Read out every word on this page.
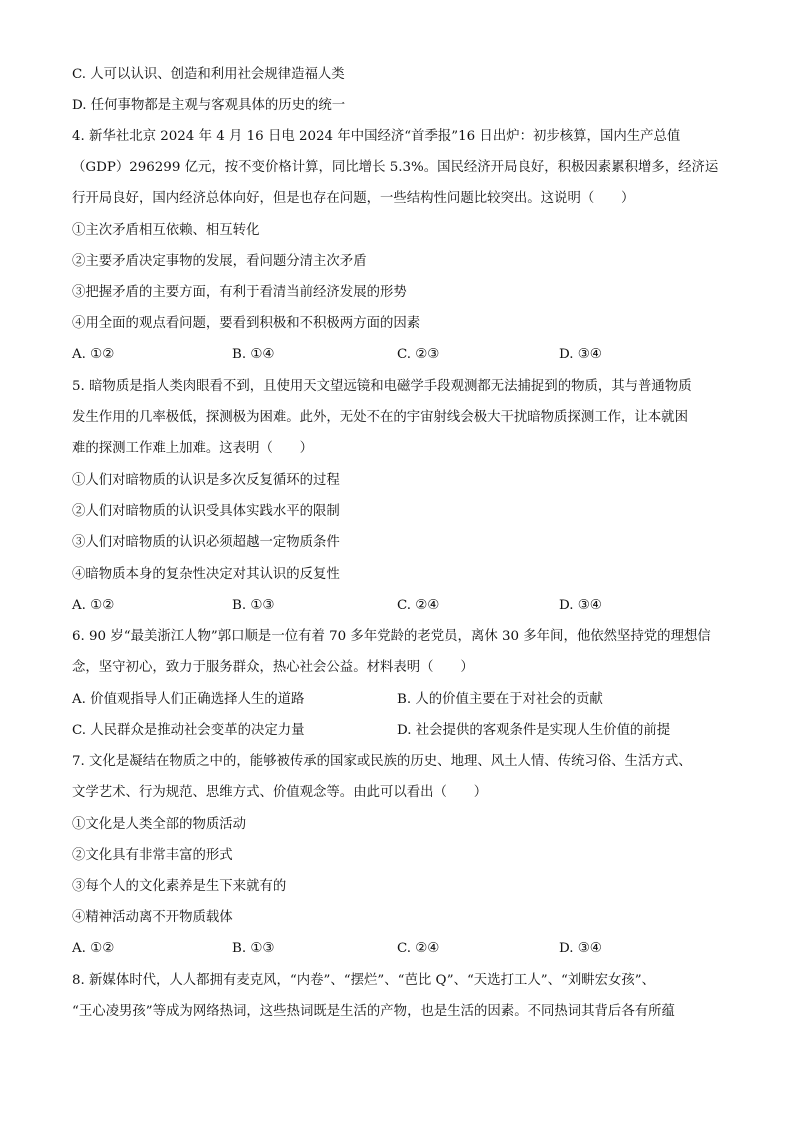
C. 人可以认识、创造和利用社会规律造福人类
D. 任何事物都是主观与客观具体的历史的统一
4. 新华社北京 2024 年 4 月 16 日电 2024 年中国经济“首季报”16 日出炉：初步核算，国内生产总值
（GDP）296299 亿元，按不变价格计算，同比增长 5.3%。国民经济开局良好，积极因素累积增多，经济运
行开局良好，国内经济总体向好，但是也存在问题，一些结构性问题比较突出。这说明（　　）
①主次矛盾相互依赖、相互转化
②主要矛盾决定事物的发展，看问题分清主次矛盾
③把握矛盾的主要方面，有利于看清当前经济发展的形势
④用全面的观点看问题，要看到积极和不积极两方面的因素
A. ①②	B. ①④	C. ②③	D. ③④
5. 暗物质是指人类肉眼看不到，且使用天文望远镜和电磁学手段观测都无法捕捉到的物质，其与普通物质
发生作用的几率极低，探测极为困难。此外，无处不在的宇宙射线会极大干扰暗物质探测工作，让本就困
难的探测工作难上加难。这表明（　　）
①人们对暗物质的认识是多次反复循环的过程
②人们对暗物质的认识受具体实践水平的限制
③人们对暗物质的认识必须超越一定物质条件
④暗物质本身的复杂性决定对其认识的反复性
A. ①②	B. ①③	C. ②④	D. ③④
6. 90 岁“最美浙江人物”郭口顺是一位有着 70 多年党龄的老党员，离休 30 多年间，他依然坚持党的理想信
念，坚守初心，致力于服务群众，热心社会公益。材料表明（　　）
A. 价值观指导人们正确选择人生的道路	B. 人的价值主要在于对社会的贡献
C. 人民群众是推动社会变革的决定力量	D. 社会提供的客观条件是实现人生价值的前提
7. 文化是凝结在物质之中的，能够被传承的国家或民族的历史、地理、风土人情、传统习俗、生活方式、
文学艺术、行为规范、思维方式、价值观念等。由此可以看出（　　）
①文化是人类全部的物质活动
②文化具有非常丰富的形式
③每个人的文化素养是生下来就有的
④精神活动离不开物质载体
A. ①②	B. ①③	C. ②④	D. ③④
8. 新媒体时代，人人都拥有麦克风，“内卷”、“摆烂”、“芭比 Q”、“天选打工人”、“刘畊宏女孩”、
“王心凌男孩”等成为网络热词，这些热词既是生活的产物，也是生活的因素。不同热词其背后各有所蕴
